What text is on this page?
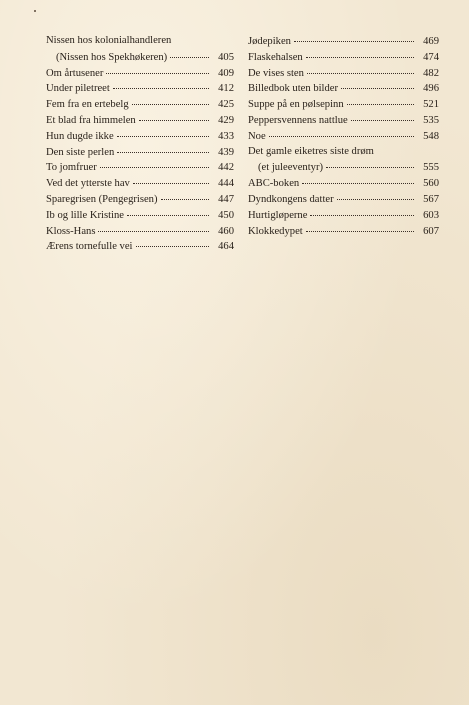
Nissen hos kolonialhandleren
(Nissen hos Spekhøkeren)	405
Om årtusener	409
Under piletreet	412
Fem fra en ertebelg	425
Et blad fra himmelen	429
Hun dugde ikke	433
Den siste perlen	439
To jomfruer	442
Ved det ytterste hav	444
Sparegrisen (Pengegrisen)	447
Ib og lille Kristine	450
Kloss-Hans	460
Ærens tornefulle vei	464
Jødepiken	469
Flaskehalsen	474
De vises sten	482
Billedbok uten bilder	496
Suppe på en pølsepinn	521
Peppersvennens nattlue	535
Noe	548
Det gamle eiketres siste drøm
(et juleeventyr)	555
ABC-boken	560
Dyndkongens datter	567
Hurtigløperne	603
Klokkedypet	607
